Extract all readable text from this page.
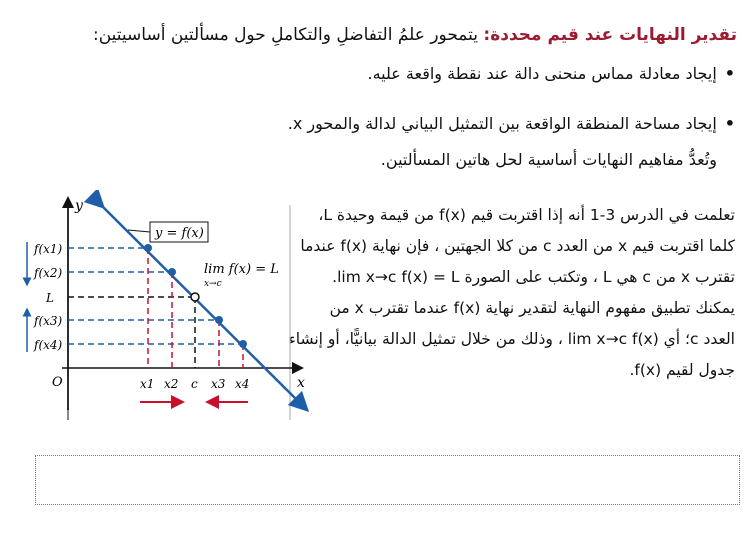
تقدير النهايات عند قيم محددة: يتمحور علمُ التفاضلِ والتكاملِ حول مسألتين أساسيتين:
•إيجاد معادلة مماس منحنى دالة عند نقطة واقعة عليه.
•إيجاد مساحة المنطقة الواقعة بين التمثيل البياني لدالة والمحور x.
وتُعدُّ مفاهيم النهايات أساسية لحل هاتين المسألتين.

تعلمت في الدرس 3-1 أنه إذا اقتربت قيم f(x) من قيمة وحيدة L،

كلما اقتربت قيم x من العدد c من كلا الجهتين ، فإن نهاية f(x) عندما

تقترب x من c هي L ، وتكتب على الصورة lim x→c f(x) = L.

يمكنك تطبيق مفهوم النهاية لتقدير نهاية f(x) عندما تقترب x من

العدد c؛ أي lim x→c f(x) ، وذلك من خلال تمثيل الدالة بيانيًّا، أو إنشاء

جدول لقيم f(x).

y = f(x)
lim f(x) = L
x→c
f(x1)
f(x2)
L
f(x3)
f(x4)
y
x
O	x1 x2 c x3 x4
